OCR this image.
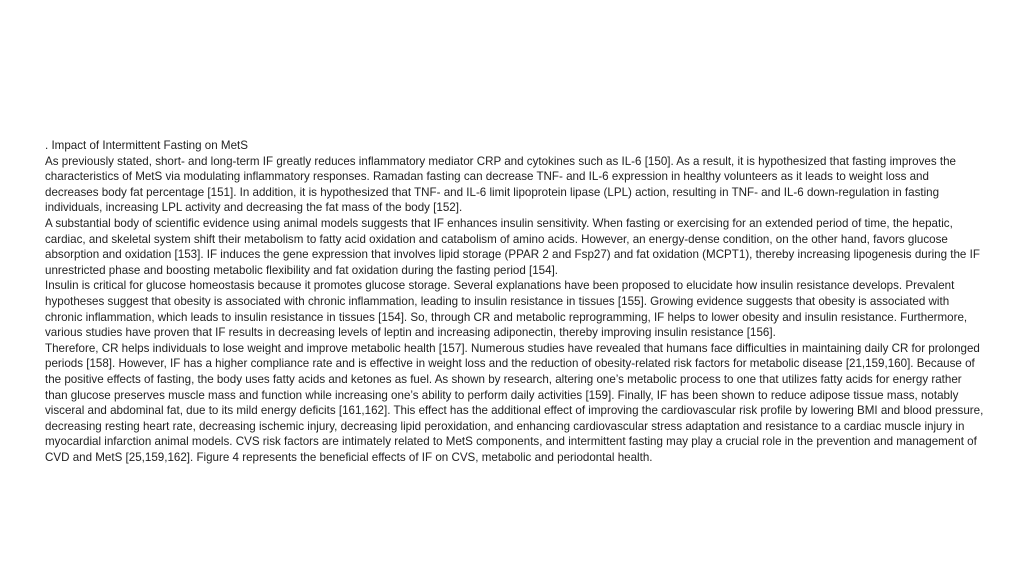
. Impact of Intermittent Fasting on MetS

As previously stated, short- and long-term IF greatly reduces inflammatory mediator CRP and cytokines such as IL-6 [150]. As a result, it is hypothesized that fasting improves the characteristics of MetS via modulating inflammatory responses. Ramadan fasting can decrease TNF- and IL-6 expression in healthy volunteers as it leads to weight loss and decreases body fat percentage [151]. In addition, it is hypothesized that TNF- and IL-6 limit lipoprotein lipase (LPL) action, resulting in TNF- and IL-6 down-regulation in fasting individuals, increasing LPL activity and decreasing the fat mass of the body [152].

A substantial body of scientific evidence using animal models suggests that IF enhances insulin sensitivity. When fasting or exercising for an extended period of time, the hepatic, cardiac, and skeletal system shift their metabolism to fatty acid oxidation and catabolism of amino acids. However, an energy-dense condition, on the other hand, favors glucose absorption and oxidation [153]. IF induces the gene expression that involves lipid storage (PPAR 2 and Fsp27) and fat oxidation (MCPT1), thereby increasing lipogenesis during the IF unrestricted phase and boosting metabolic flexibility and fat oxidation during the fasting period [154].

Insulin is critical for glucose homeostasis because it promotes glucose storage. Several explanations have been proposed to elucidate how insulin resistance develops. Prevalent hypotheses suggest that obesity is associated with chronic inflammation, leading to insulin resistance in tissues [155]. Growing evidence suggests that obesity is associated with chronic inflammation, which leads to insulin resistance in tissues [154]. So, through CR and metabolic reprogramming, IF helps to lower obesity and insulin resistance. Furthermore, various studies have proven that IF results in decreasing levels of leptin and increasing adiponectin, thereby improving insulin resistance [156].

Therefore, CR helps individuals to lose weight and improve metabolic health [157]. Numerous studies have revealed that humans face difficulties in maintaining daily CR for prolonged periods [158]. However, IF has a higher compliance rate and is effective in weight loss and the reduction of obesity-related risk factors for metabolic disease [21,159,160]. Because of the positive effects of fasting, the body uses fatty acids and ketones as fuel. As shown by research, altering one’s metabolic process to one that utilizes fatty acids for energy rather than glucose preserves muscle mass and function while increasing one’s ability to perform daily activities [159]. Finally, IF has been shown to reduce adipose tissue mass, notably visceral and abdominal fat, due to its mild energy deficits [161,162]. This effect has the additional effect of improving the cardiovascular risk profile by lowering BMI and blood pressure, decreasing resting heart rate, decreasing ischemic injury, decreasing lipid peroxidation, and enhancing cardiovascular stress adaptation and resistance to a cardiac muscle injury in myocardial infarction animal models. CVS risk factors are intimately related to MetS components, and intermittent fasting may play a crucial role in the prevention and management of CVD and MetS [25,159,162]. Figure 4 represents the beneficial effects of IF on CVS, metabolic and periodontal health.
